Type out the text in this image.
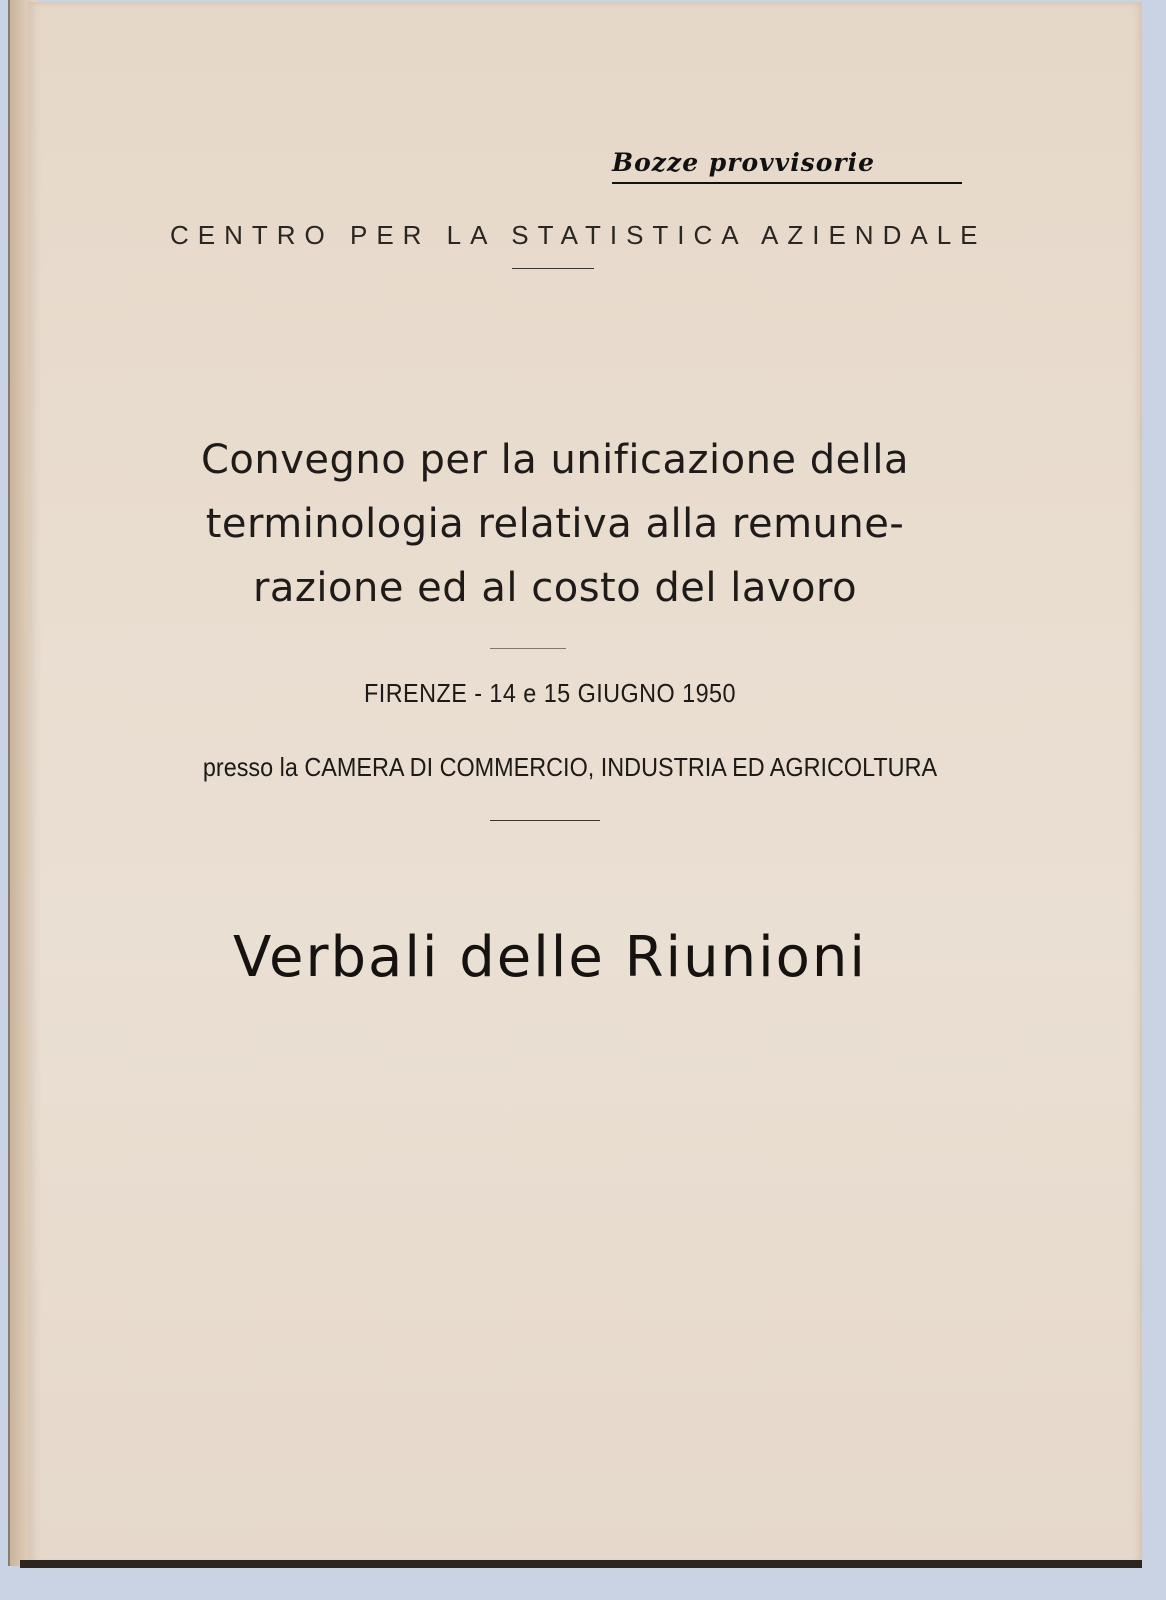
Bozze provvisorie
CENTRO PER LA STATISTICA AZIENDALE
Convegno per la unificazione della
terminologia relativa alla remune-
razione ed al costo del lavoro
FIRENZE - 14 e 15 GIUGNO 1950
presso la CAMERA DI COMMERCIO, INDUSTRIA ED AGRICOLTURA
Verbali delle Riunioni
